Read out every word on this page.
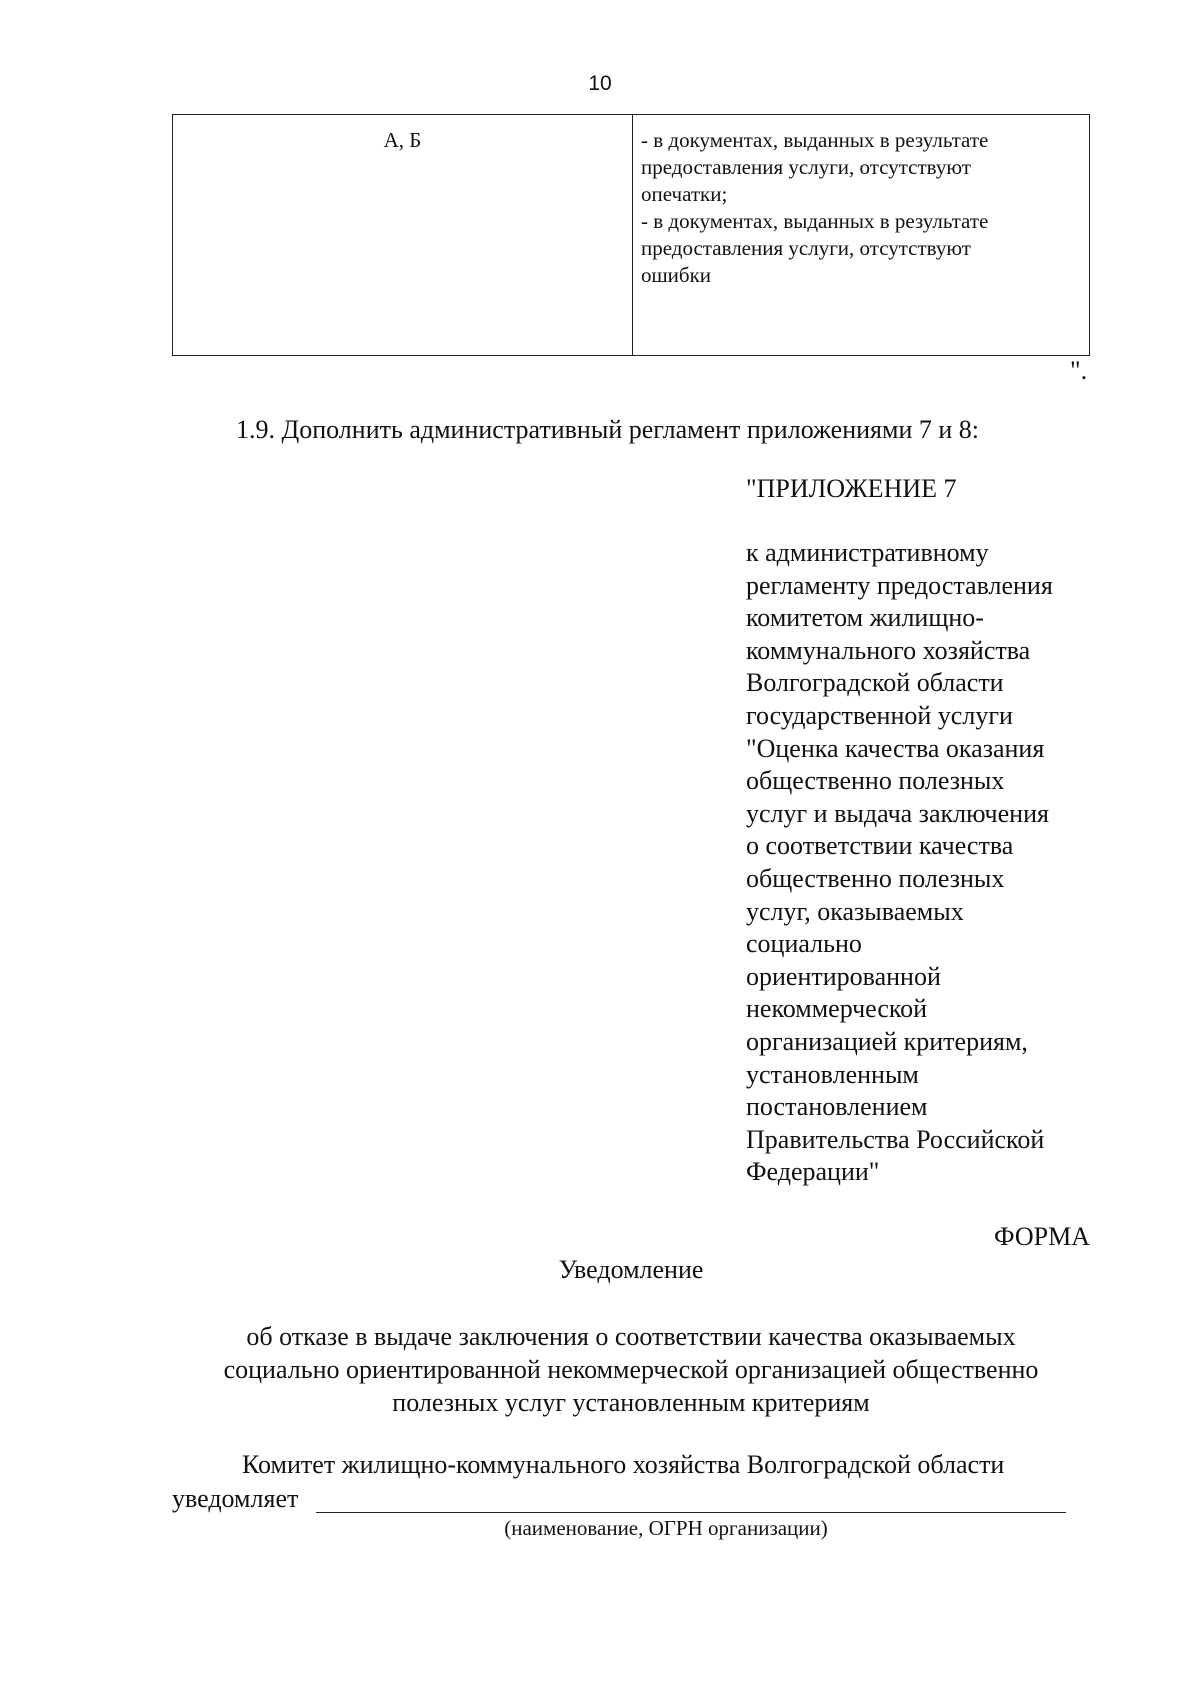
10
А, Б	- в документах, выданных в результате
предоставления услуги, отсутствуют
опечатки;
- в документах, выданных в результате
предоставления услуги, отсутствуют
ошибки
".
1.9. Дополнить административный регламент приложениями 7 и 8:
"ПРИЛОЖЕНИЕ 7
к административному
регламенту предоставления
комитетом жилищно-
коммунального хозяйства
Волгоградской области
государственной услуги
"Оценка качества оказания
общественно полезных
услуг и выдача заключения
о соответствии качества
общественно полезных
услуг, оказываемых
социально
ориентированной
некоммерческой
организацией критериям,
установленным
постановлением
Правительства Российской
Федерации"
ФОРМА
Уведомление
об отказе в выдаче заключения о соответствии качества оказываемых
социально ориентированной некоммерческой организацией общественно
полезных услуг установленным критериям
Комитет жилищно-коммунального хозяйства Волгоградской области
уведомляет
(наименование, ОГРН организации)
